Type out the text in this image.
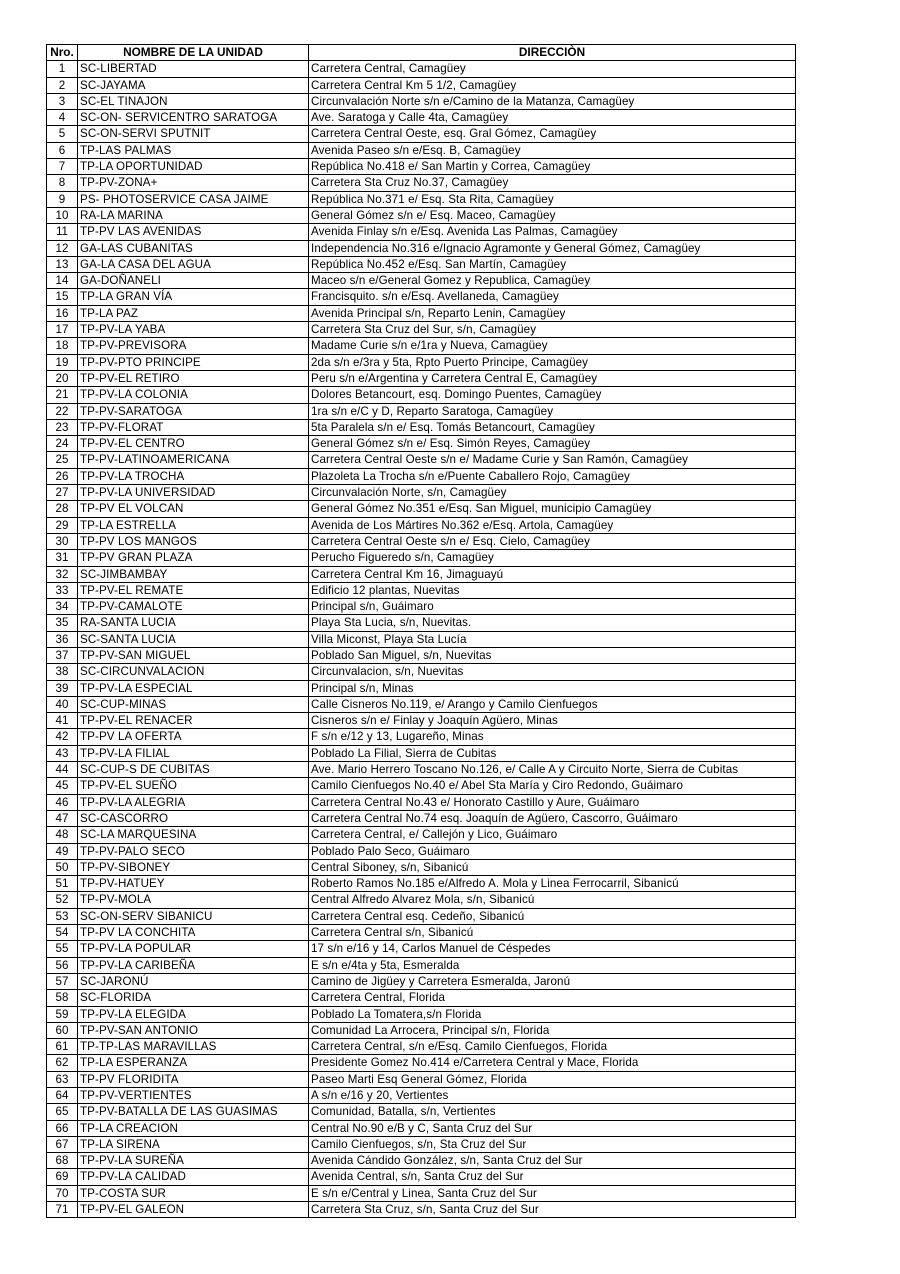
Nro.	NOMBRE DE LA UNIDAD	DIRECCIÒN
1	SC-LIBERTAD	Carretera Central, Camagüey
2	SC-JAYAMA	Carretera Central Km 5 1/2, Camagüey
3	SC-EL TINAJON	Circunvalación Norte s/n e/Camino de la Matanza, Camagüey
4	SC-ON- SERVICENTRO SARATOGA	Ave. Saratoga y Calle 4ta, Camagüey
5	SC-ON-SERVI SPUTNIT	Carretera Central Oeste, esq. Gral Gómez, Camagüey
6	TP-LAS PALMAS	Avenida Paseo s/n e/Esq. B, Camagüey
7	TP-LA OPORTUNIDAD	República No.418 e/ San Martin y Correa, Camagüey
8	TP-PV-ZONA+	Carretera Sta Cruz No.37, Camagüey
9	PS- PHOTOSERVICE CASA JAIME	República No.371 e/ Esq. Sta Rita, Camagüey
10	RA-LA MARINA	General Gómez s/n e/ Esq. Maceo, Camagüey
11	TP-PV LAS AVENIDAS	Avenida Finlay s/n e/Esq. Avenida Las Palmas, Camagüey
12	GA-LAS CUBANITAS	Independencia No.316 e/Ignacio Agramonte y General Gómez, Camagüey
13	GA-LA CASA DEL AGUA	República No.452 e/Esq. San Martín, Camagüey
14	GA-DOÑANELI	Maceo s/n e/General Gomez y Republica, Camagüey
15	TP-LA GRAN VÍA	Francisquito. s/n e/Esq. Avellaneda, Camagüey
16	TP-LA PAZ	Avenida Principal s/n, Reparto Lenin, Camagüey
17	TP-PV-LA YABA	Carretera Sta Cruz del Sur, s/n, Camagüey
18	TP-PV-PREVISORA	Madame Curie s/n e/1ra y Nueva, Camagüey
19	TP-PV-PTO PRINCIPE	2da s/n e/3ra y 5ta, Rpto Puerto Principe, Camagüey
20	TP-PV-EL RETIRO	Peru s/n e/Argentina y Carretera Central E, Camagüey
21	TP-PV-LA COLONIA	Dolores Betancourt, esq. Domingo Puentes, Camagüey
22	TP-PV-SARATOGA	1ra s/n e/C y D, Reparto Saratoga, Camagüey
23	TP-PV-FLORAT	5ta Paralela s/n e/ Esq. Tomás Betancourt, Camagüey
24	TP-PV-EL CENTRO	General Gómez s/n e/ Esq. Simón Reyes, Camagüey
25	TP-PV-LATINOAMERICANA	Carretera Central Oeste s/n e/ Madame Curie y San Ramón, Camagüey
26	TP-PV-LA TROCHA	Plazoleta La Trocha s/n e/Puente Caballero Rojo, Camagüey
27	TP-PV-LA UNIVERSIDAD	Circunvalación Norte, s/n, Camagüey
28	TP-PV EL VOLCAN	General Gómez No.351 e/Esq. San Miguel, municipio Camagüey
29	TP-LA ESTRELLA	Avenida de Los Mártires No.362 e/Esq. Artola, Camagüey
30	TP-PV LOS MANGOS	Carretera Central Oeste s/n e/ Esq. Cielo, Camagüey
31	TP-PV GRAN PLAZA	Perucho Figueredo s/n, Camagüey
32	SC-JIMBAMBAY	Carretera Central Km 16, Jimaguayú
33	TP-PV-EL REMATE	Edificio 12 plantas, Nuevitas
34	TP-PV-CAMALOTE	Principal s/n, Guáimaro
35	RA-SANTA LUCIA	Playa Sta Lucia, s/n, Nuevitas.
36	SC-SANTA LUCIA	Villa Miconst, Playa Sta Lucía
37	TP-PV-SAN MIGUEL	Poblado San Miguel, s/n, Nuevitas
38	SC-CIRCUNVALACION	Circunvalacion, s/n, Nuevitas
39	TP-PV-LA ESPECIAL	Principal s/n, Minas
40	SC-CUP-MINAS	Calle Cisneros No.119, e/ Arango y Camilo Cienfuegos
41	TP-PV-EL RENACER	Cisneros s/n e/ Finlay y Joaquín Agüero, Minas
42	TP-PV LA OFERTA	F s/n e/12 y 13, Lugareño, Minas
43	TP-PV-LA FILIAL	Poblado La Filial, Sierra de Cubitas
44	SC-CUP-S DE CUBITAS	Ave. Mario Herrero Toscano No.126, e/ Calle A y Circuito Norte, Sierra de Cubitas
45	TP-PV-EL SUEÑO	Camilo Cienfuegos No.40 e/ Abel Sta María y Ciro Redondo, Guáimaro
46	TP-PV-LA ALEGRIA	Carretera Central No.43 e/ Honorato Castillo y Aure, Guáimaro
47	SC-CASCORRO	Carretera Central No.74 esq. Joaquín de Agüero, Cascorro, Guáimaro
48	SC-LA MARQUESINA	Carretera Central, e/ Callejón y Lico, Guáimaro
49	TP-PV-PALO SECO	Poblado Palo Seco, Guáimaro
50	TP-PV-SIBONEY	Central Siboney, s/n, Sibanicú
51	TP-PV-HATUEY	Roberto Ramos No.185 e/Alfredo A. Mola y Linea Ferrocarril, Sibanicú
52	TP-PV-MOLA	Central Alfredo Alvarez Mola, s/n, Sibanicú
53	SC-ON-SERV SIBANICU	Carretera Central esq. Cedeño, Sibanicú
54	TP-PV LA CONCHITA	Carretera Central s/n, Sibanicú
55	TP-PV-LA POPULAR	17 s/n e/16 y 14, Carlos Manuel de Céspedes
56	TP-PV-LA CARIBEÑA	E s/n e/4ta y 5ta, Esmeralda
57	SC-JARONÚ	Camino de Jigüey y Carretera Esmeralda, Jaronú
58	SC-FLORIDA	Carretera Central, Florida
59	TP-PV-LA ELEGIDA	Poblado La Tomatera,s/n Florida
60	TP-PV-SAN ANTONIO	Comunidad La Arrocera, Principal s/n, Florida
61	TP-TP-LAS MARAVILLAS	Carretera Central, s/n e/Esq. Camilo Cienfuegos, Florida
62	TP-LA ESPERANZA	Presidente Gomez No.414 e/Carretera Central y Mace, Florida
63	TP-PV FLORIDITA	Paseo Marti Esq General Gómez, Florida
64	TP-PV-VERTIENTES	A s/n e/16 y 20, Vertientes
65	TP-PV-BATALLA DE LAS GUASIMAS	Comunidad, Batalla, s/n, Vertientes
66	TP-LA CREACION	Central No.90 e/B y C, Santa Cruz del Sur
67	TP-LA SIRENA	Camilo Cienfuegos, s/n, Sta Cruz del Sur
68	TP-PV-LA SUREÑA	Avenida Cándido González, s/n, Santa Cruz del Sur
69	TP-PV-LA CALIDAD	Avenida Central, s/n, Santa Cruz del Sur
70	TP-COSTA SUR	E s/n e/Central y Linea, Santa Cruz del Sur
71	TP-PV-EL GALEON	Carretera Sta Cruz, s/n, Santa Cruz del Sur
